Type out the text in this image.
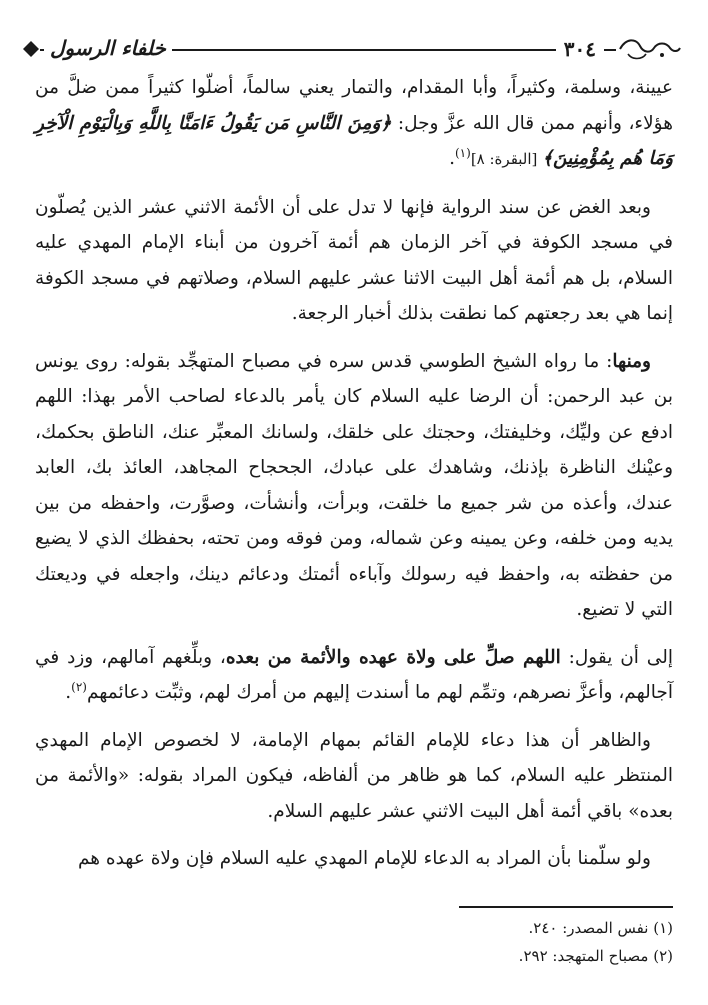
٣٠٤
خلفاء الرسول

عيينة، وسلمة، وكثيراً، وأبا المقدام، والتمار يعني سالماً، أضلّوا كثيراً ممن ضلَّ من هؤلاء، وأنهم ممن قال الله عزَّ وجل: ﴿وَمِنَ النَّاسِ مَن يَقُولُ ءَامَنَّا بِاللَّهِ وَبِالْيَوْمِ الْآخِرِ وَمَا هُم بِمُؤْمِنِينَ﴾ [البقرة: ٨]$^{(١)}$.

وبعد الغض عن سند الرواية فإنها لا تدل على أن الأئمة الاثني عشر الذين يُصلّون في مسجد الكوفة في آخر الزمان هم أئمة آخرون من أبناء الإمام المهدي عليه السلام، بل هم أئمة أهل البيت الاثنا عشر عليهم السلام، وصلاتهم في مسجد الكوفة إنما هي بعد رجعتهم كما نطقت بذلك أخبار الرجعة.

ومنها: ما رواه الشيخ الطوسي قدس سره في مصباح المتهجِّد بقوله: روى يونس بن عبد الرحمن: أن الرضا عليه السلام كان يأمر بالدعاء لصاحب الأمر بهذا: اللهم ادفع عن وليِّك، وخليفتك، وحجتك على خلقك، ولسانك المعبِّر عنك، الناطق بحكمك، وعيْنك الناظرة بإذنك، وشاهدك على عبادك، الجحجاح المجاهد، العائذ بك، العابد عندك، وأعذه من شر جميع ما خلقت، وبرأت، وأنشأت، وصوَّرت، واحفظه من بين يديه ومن خلفه، وعن يمينه وعن شماله، ومن فوقه ومن تحته، بحفظك الذي لا يضيع من حفظته به، واحفظ فيه رسولك وآباءه أئمتك ودعائم دينك، واجعله في وديعتك التي لا تضيع.

إلى أن يقول: اللهم صلِّ على ولاة عهده والأئمة من بعده، وبلِّغهم آمالهم، وزد في آجالهم، وأعزَّ نصرهم، وتمِّم لهم ما أسندت إليهم من أمرك لهم، وثبِّت دعائمهم$^{(٢)}$.

والظاهر أن هذا دعاء للإمام القائم بمهام الإمامة، لا لخصوص الإمام المهدي المنتظر عليه السلام، كما هو ظاهر من ألفاظه، فيكون المراد بقوله: «والأئمة من بعده» باقي أئمة أهل البيت الاثني عشر عليهم السلام.

ولو سلّمنا بأن المراد به الدعاء للإمام المهدي عليه السلام فإن ولاة عهده هم

(١) نفس المصدر: ٢٤٠.
(٢) مصباح المتهجد: ٢٩٢.
